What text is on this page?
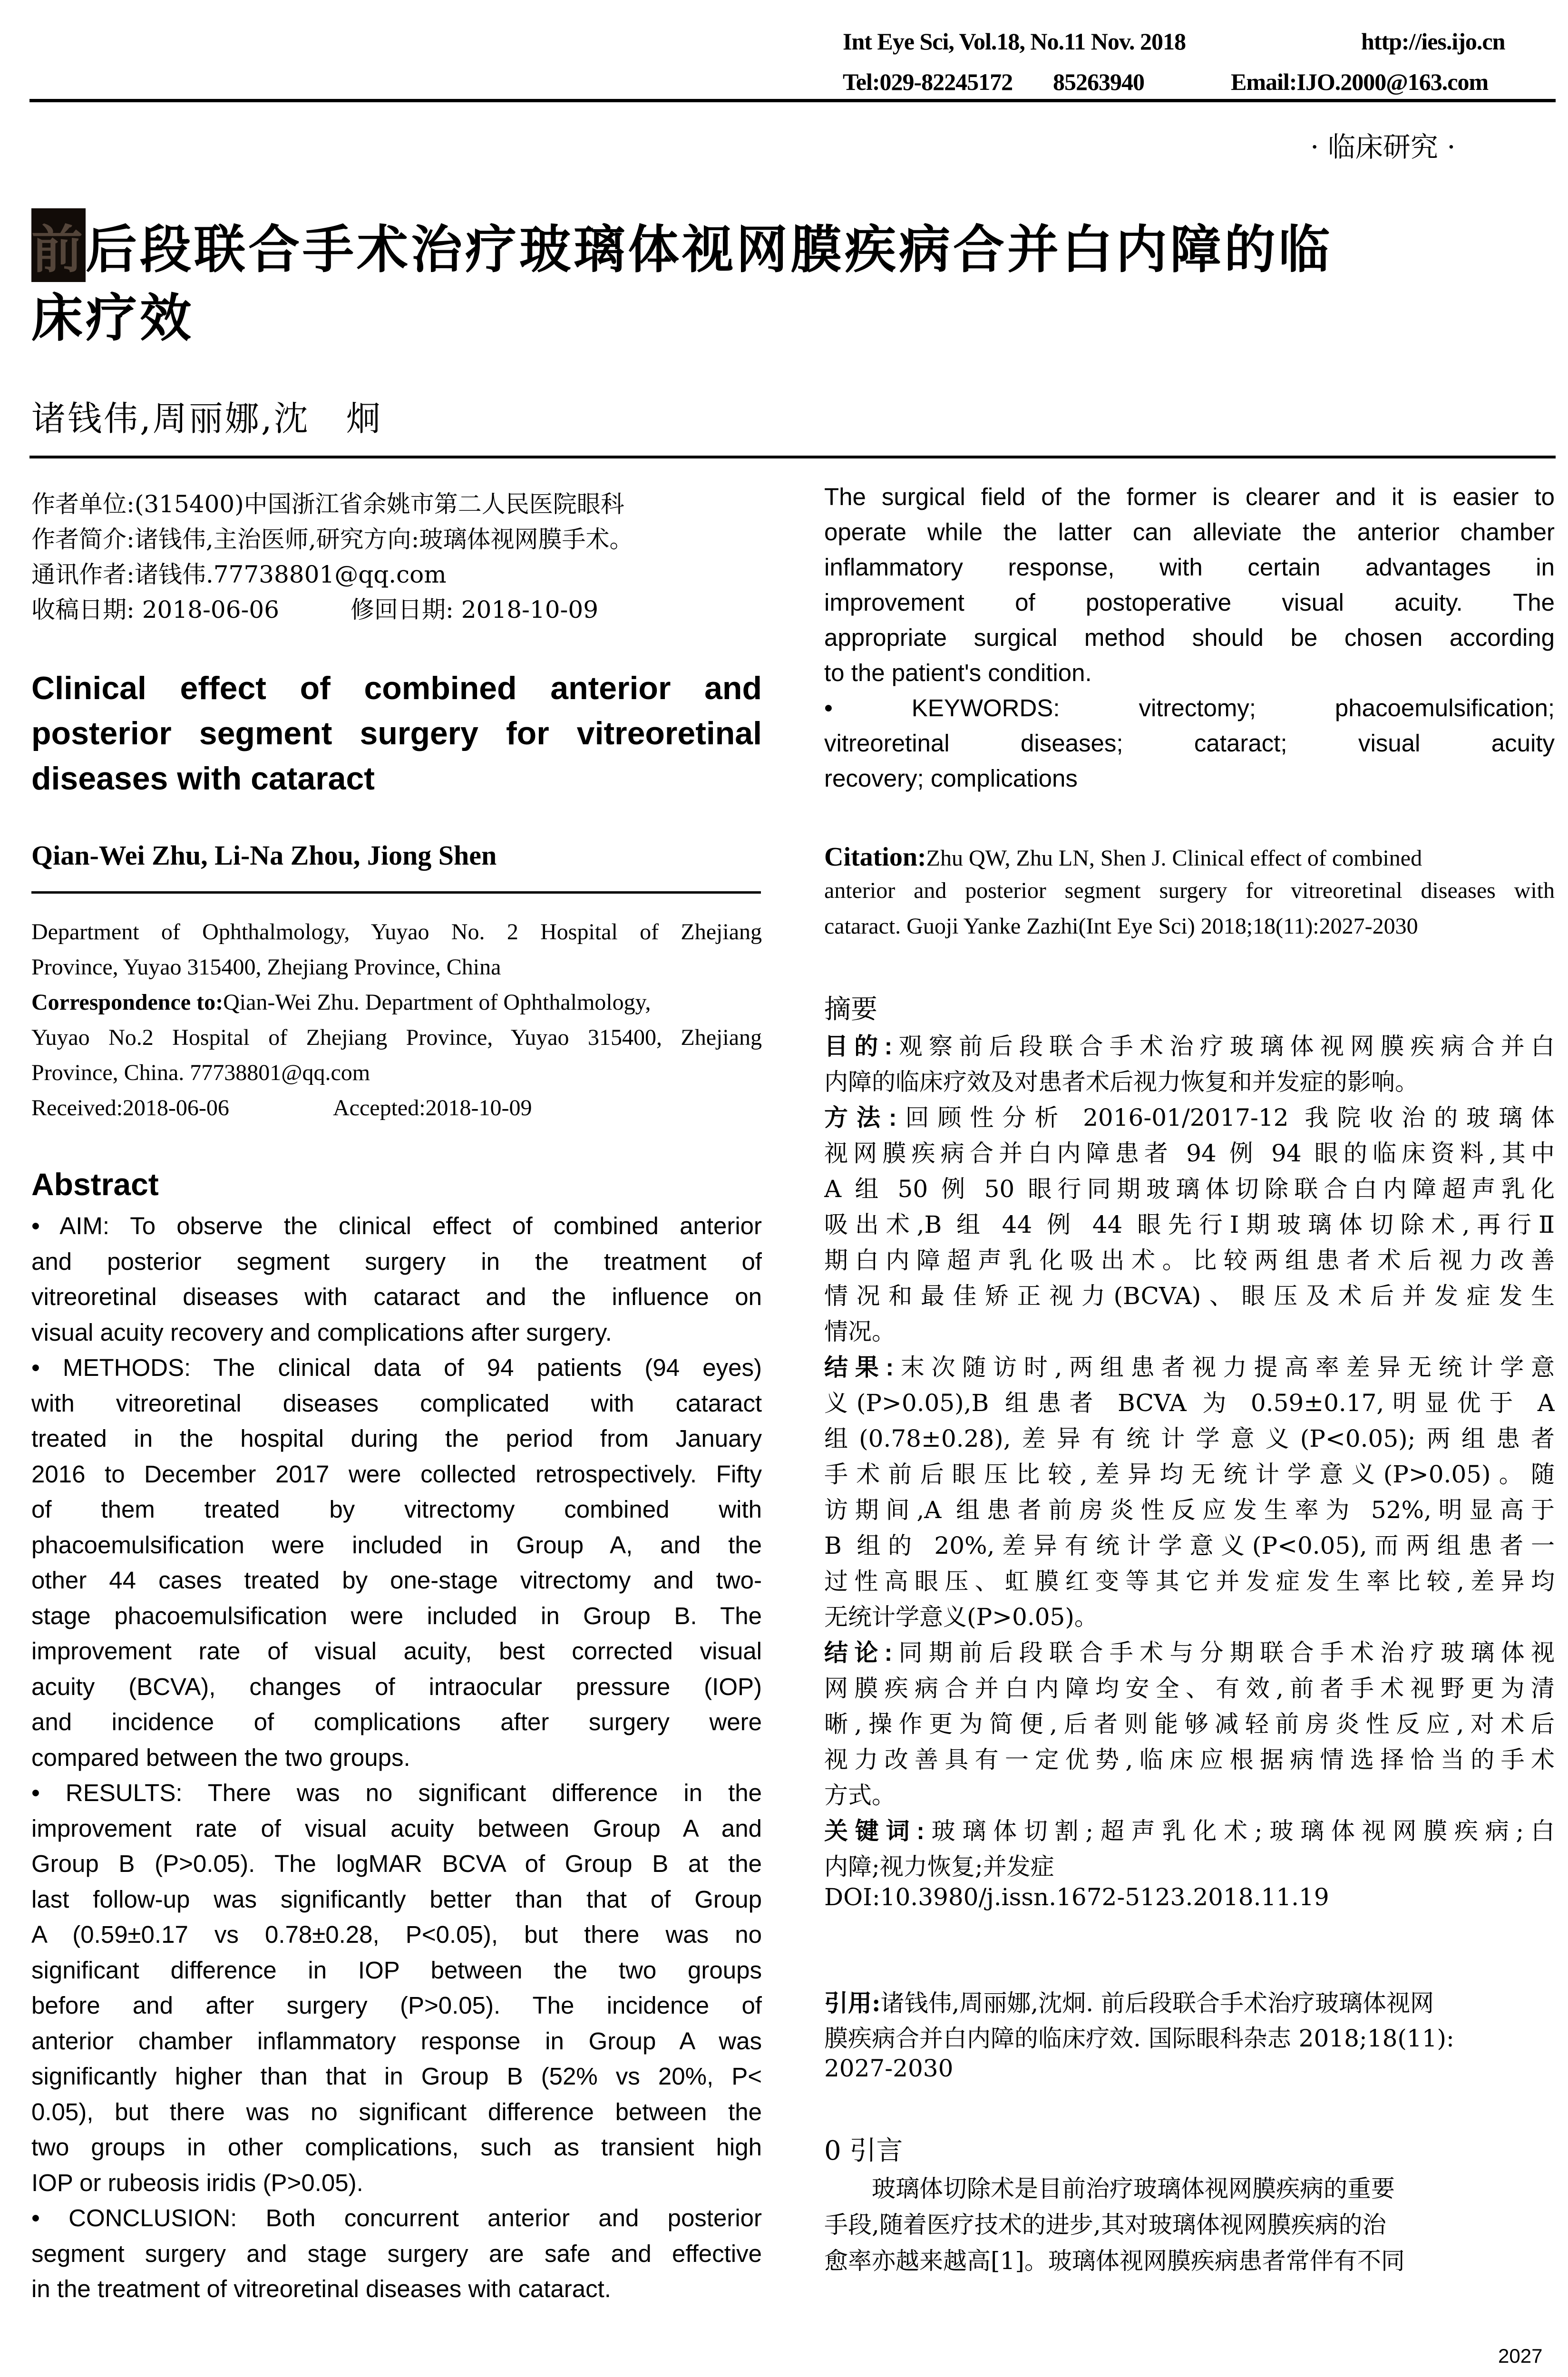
Int Eye Sci, Vol.18, No.11 Nov. 2018	http://ies.ijo.cn
Tel:029-82245172 85263940	Email:IJO.2000@163.com
· 临床研究 ·
前后段联合手术治疗玻璃体视网膜疾病合并白内障的临
床疗效
诸钱伟,周丽娜,沈　炯
作者单位:(315400)中国浙江省余姚市第二人民医院眼科
作者简介:诸钱伟,主治医师,研究方向:玻璃体视网膜手术。
通讯作者:诸钱伟.77738801@qq.com
收稿日期: 2018-06-06　　　修回日期: 2018-10-09
Clinical effect of combined anterior and
posterior segment surgery for vitreoretinal
diseases with cataract
Qian-Wei Zhu, Li-Na Zhou, Jiong Shen
Department of Ophthalmology, Yuyao No. 2 Hospital of Zhejiang
Province, Yuyao 315400, Zhejiang Province, China
Correspondence to:Qian-Wei Zhu. Department of Ophthalmology,
Yuyao No.2 Hospital of Zhejiang Province, Yuyao 315400, Zhejiang
Province, China. 77738801@qq.com
Received:2018-06-06	Accepted:2018-10-09
Abstract
• AIM: To observe the clinical effect of combined anterior
and posterior segment surgery in the treatment of
vitreoretinal diseases with cataract and the influence on
visual acuity recovery and complications after surgery.
• METHODS: The clinical data of 94 patients (94 eyes)
with vitreoretinal diseases complicated with cataract
treated in the hospital during the period from January
2016 to December 2017 were collected retrospectively. Fifty
of them treated by vitrectomy combined with
phacoemulsification were included in Group A, and the
other 44 cases treated by one-stage vitrectomy and two-
stage phacoemulsification were included in Group B. The
improvement rate of visual acuity, best corrected visual
acuity (BCVA), changes of intraocular pressure (IOP)
and incidence of complications after surgery were
compared between the two groups.
• RESULTS: There was no significant difference in the
improvement rate of visual acuity between Group A and
Group B (P>0.05). The logMAR BCVA of Group B at the
last follow-up was significantly better than that of Group
A (0.59±0.17 vs 0.78±0.28, P<0.05), but there was no
significant difference in IOP between the two groups
before and after surgery (P>0.05). The incidence of
anterior chamber inflammatory response in Group A was
significantly higher than that in Group B (52% vs 20%, P<
0.05), but there was no significant difference between the
two groups in other complications, such as transient high
IOP or rubeosis iridis (P>0.05).
• CONCLUSION: Both concurrent anterior and posterior
segment surgery and stage surgery are safe and effective
in the treatment of vitreoretinal diseases with cataract.
The surgical field of the former is clearer and it is easier to
operate while the latter can alleviate the anterior chamber
inflammatory response, with certain advantages in
improvement of postoperative visual acuity. The
appropriate surgical method should be chosen according
to the patient's condition.
• KEYWORDS: vitrectomy; phacoemulsification;
vitreoretinal diseases; cataract; visual acuity
recovery; complications
Citation:Zhu QW, Zhu LN, Shen J. Clinical effect of combined
anterior and posterior segment surgery for vitreoretinal diseases with
cataract. Guoji Yanke Zazhi(Int Eye Sci) 2018;18(11):2027-2030
摘要
目的:观察前后段联合手术治疗玻璃体视网膜疾病合并白
内障的临床疗效及对患者术后视力恢复和并发症的影响。
方法:回顾性分析 2016-01/2017-12 我院收治的玻璃体
视网膜疾病合并白内障患者 94 例 94 眼的临床资料,其中
A 组 50 例 50 眼行同期玻璃体切除联合白内障超声乳化
吸出术,B 组 44 例 44 眼先行Ⅰ期玻璃体切除术,再行Ⅱ
期白内障超声乳化吸出术。比较两组患者术后视力改善
情况和最佳矫正视力(BCVA)、眼压及术后并发症发生
情况。
结果:末次随访时,两组患者视力提高率差异无统计学意
义(P>0.05),B 组患者 BCVA 为 0.59±0.17,明显优于 A
组(0.78±0.28),差异有统计学意义(P<0.05);两组患者
手术前后眼压比较,差异均无统计学意义(P>0.05)。随
访期间,A 组患者前房炎性反应发生率为 52%,明显高于
B 组的 20%,差异有统计学意义(P<0.05),而两组患者一
过性高眼压、虹膜红变等其它并发症发生率比较,差异均
无统计学意义(P>0.05)。
结论:同期前后段联合手术与分期联合手术治疗玻璃体视
网膜疾病合并白内障均安全、有效,前者手术视野更为清
晰,操作更为简便,后者则能够减轻前房炎性反应,对术后
视力改善具有一定优势,临床应根据病情选择恰当的手术
方式。
关键词:玻璃体切割;超声乳化术;玻璃体视网膜疾病;白
内障;视力恢复;并发症
DOI:10.3980/j.issn.1672-5123.2018.11.19
引用:诸钱伟,周丽娜,沈炯. 前后段联合手术治疗玻璃体视网
膜疾病合并白内障的临床疗效. 国际眼科杂志 2018;18(11):
2027-2030
0 引言
玻璃体切除术是目前治疗玻璃体视网膜疾病的重要
手段,随着医疗技术的进步,其对玻璃体视网膜疾病的治
愈率亦越来越高[1]。玻璃体视网膜疾病患者常伴有不同
2027
